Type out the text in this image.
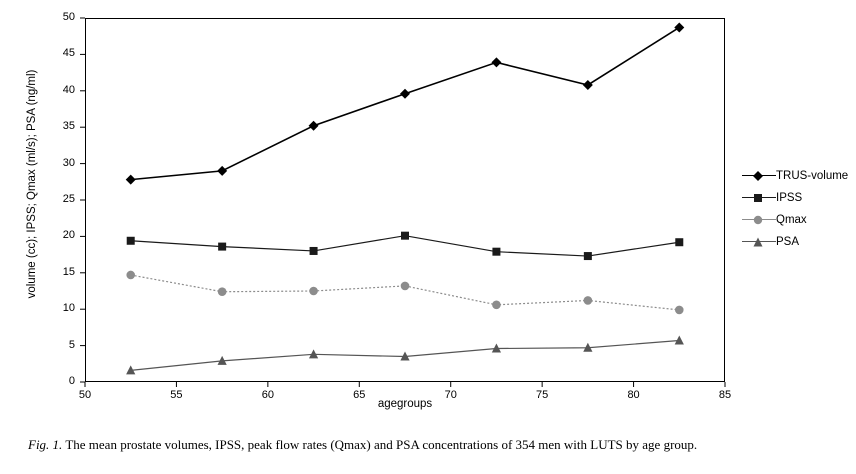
volume (cc); IPSS; Qmax (ml/s); PSA (ng/ml)
agegroups
TRUS-volume
IPSS
Qmax
PSA
0
5
10
15
20
25
30
35
40
45
50
50	55	60	65	70	75	80	85
Fig. 1. The mean prostate volumes, IPSS, peak flow rates (Qmax) and PSA concentrations of 354 men with LUTS by age group.
